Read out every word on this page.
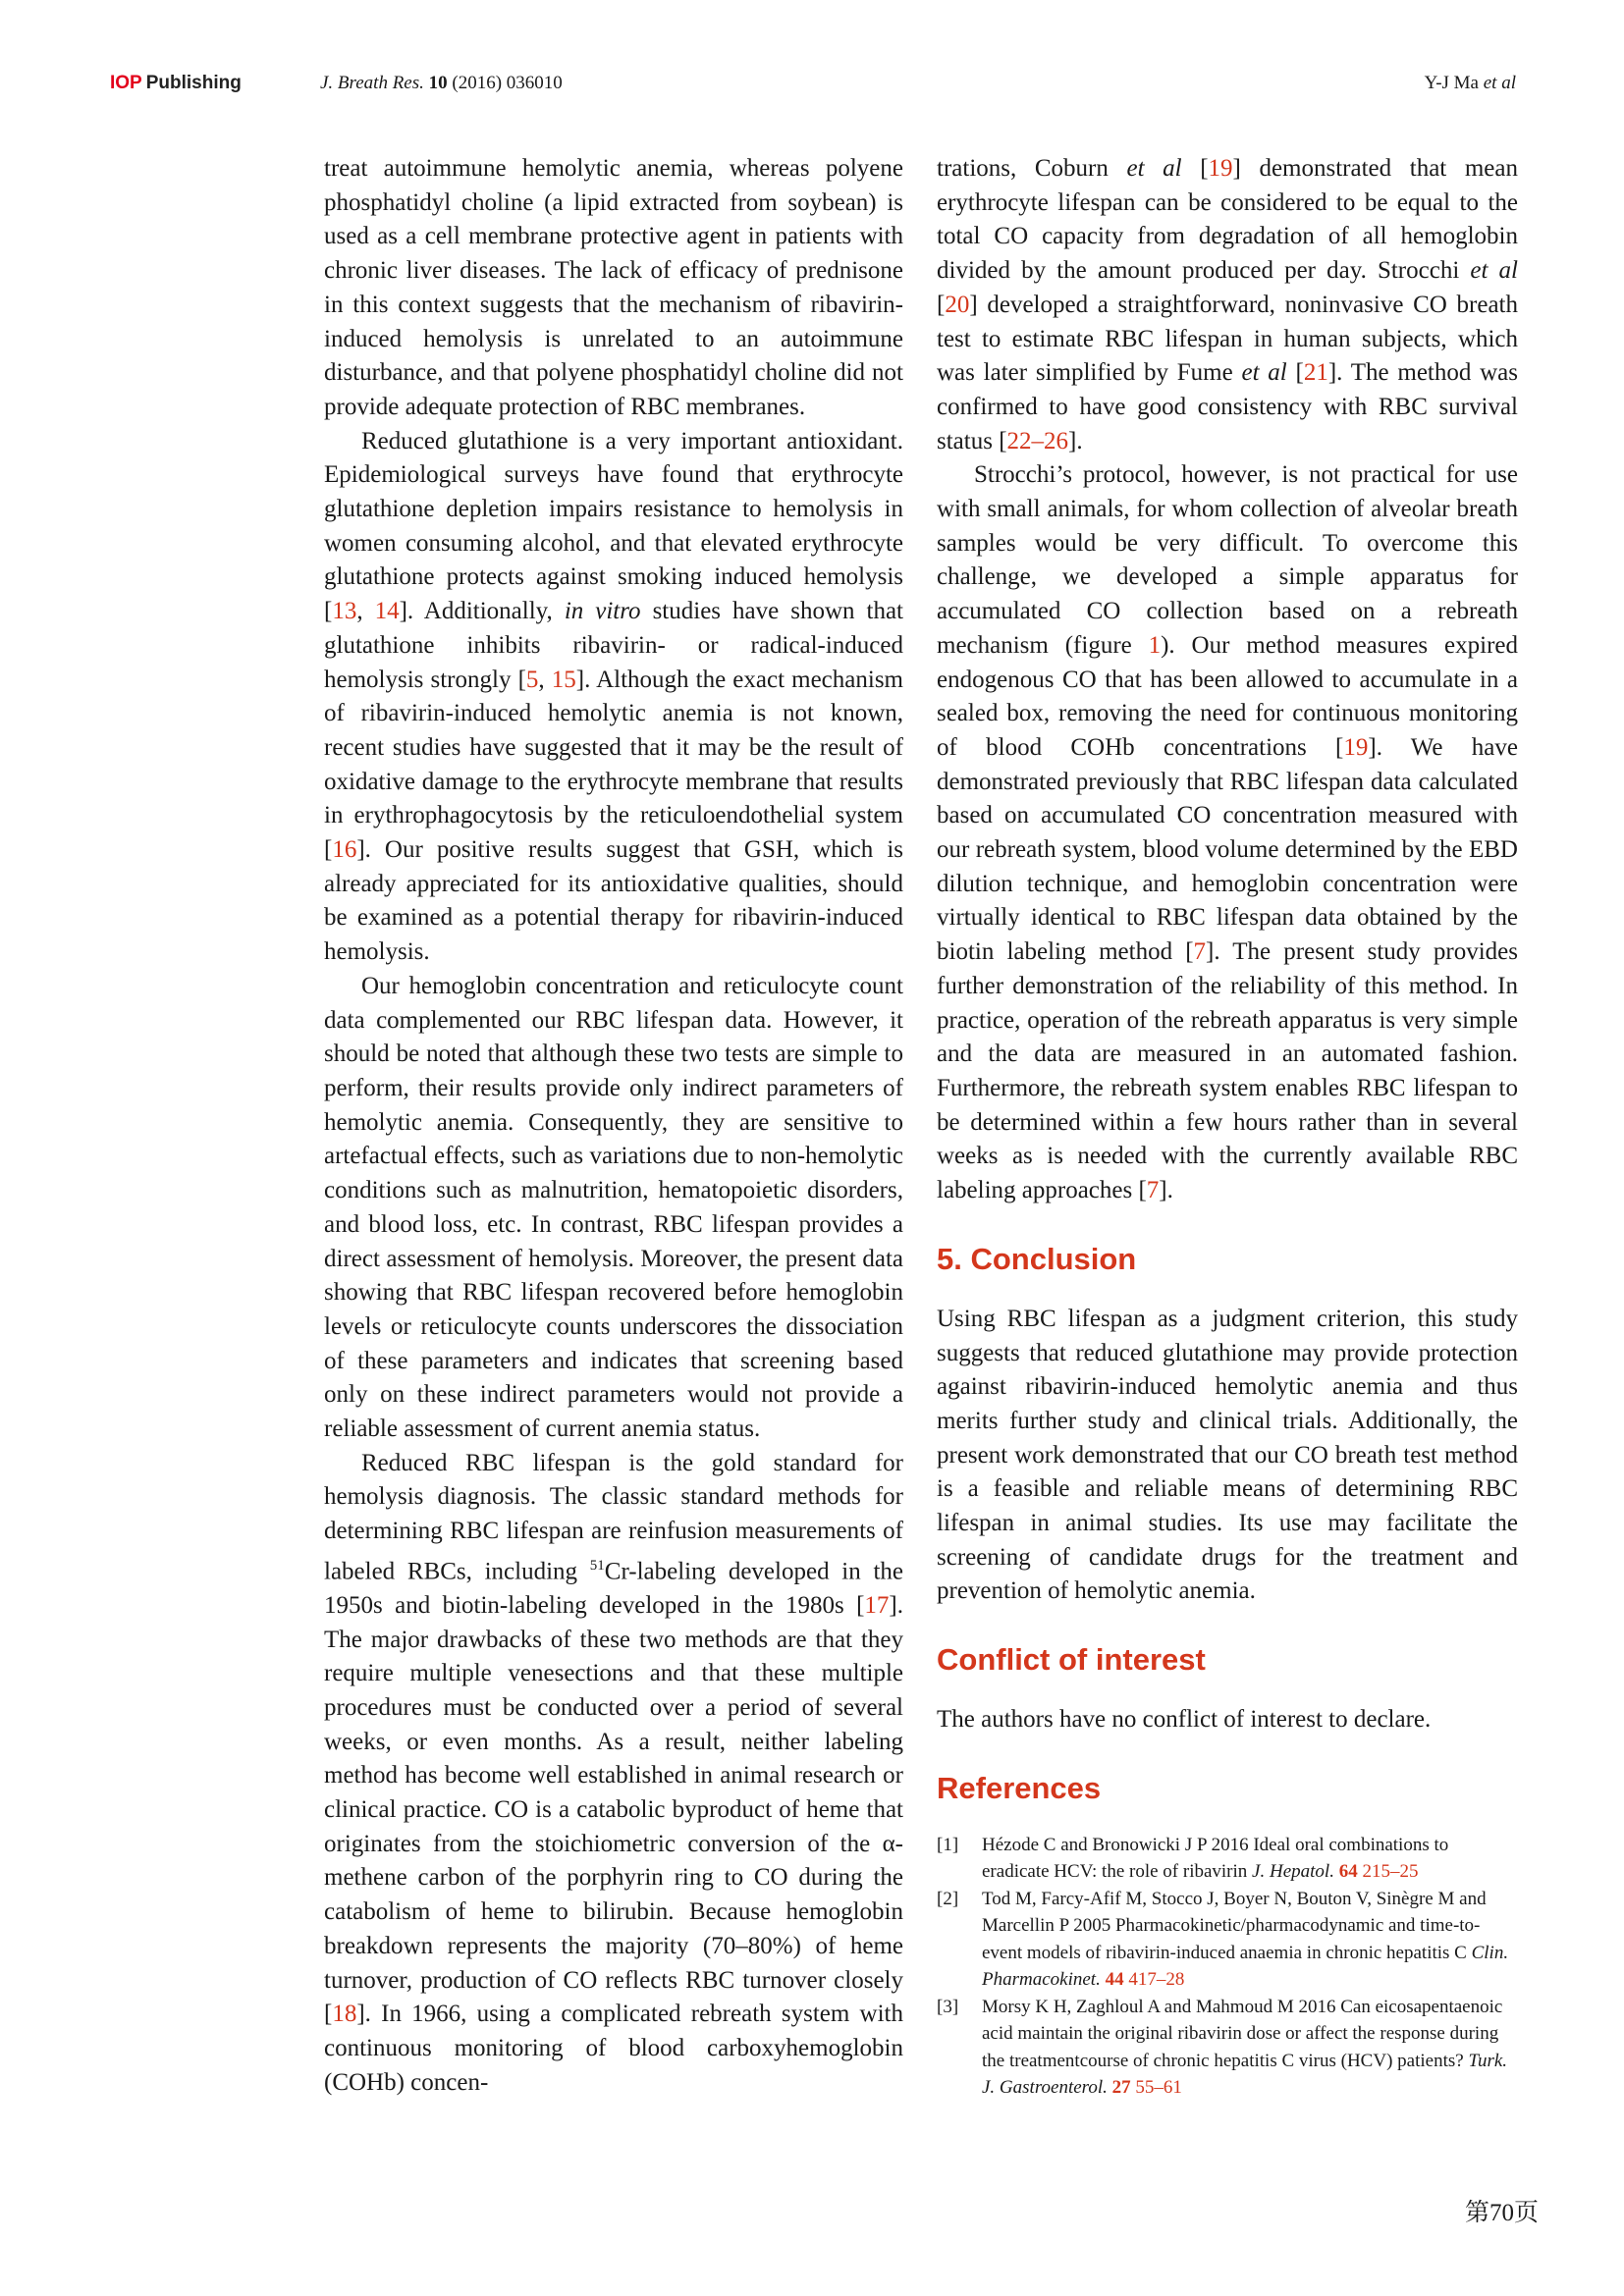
IOP Publishing	J. Breath Res. 10 (2016) 036010	Y-J Ma et al

treat autoimmune hemolytic anemia, whereas polyene phosphatidyl choline (a lipid extracted from soybean) is used as a cell membrane protective agent in patients with chronic liver diseases. The lack of efficacy of prednisone in this context suggests that the mechanism of ribavirin-induced hemolysis is unrelated to an autoimmune disturbance, and that polyene phosphatidyl choline did not provide adequate protection of RBC membranes.

Reduced glutathione is a very important antioxidant. Epidemiological surveys have found that erythrocyte glutathione depletion impairs resistance to hemolysis in women consuming alcohol, and that elevated erythrocyte glutathione protects against smoking induced hemolysis [13, 14]. Additionally, in vitro studies have shown that glutathione inhibits ribavirin- or radical-induced hemolysis strongly [5, 15]. Although the exact mechanism of ribavirin-induced hemolytic anemia is not known, recent studies have suggested that it may be the result of oxidative damage to the erythrocyte membrane that results in erythrophagocytosis by the reticuloendothelial system [16]. Our positive results suggest that GSH, which is already appreciated for its antioxidative qualities, should be examined as a potential therapy for ribavirin-induced hemolysis.

Our hemoglobin concentration and reticulocyte count data complemented our RBC lifespan data. However, it should be noted that although these two tests are simple to perform, their results provide only indirect parameters of hemolytic anemia. Consequently, they are sensitive to artefactual effects, such as variations due to non-hemolytic conditions such as malnutrition, hematopoietic disorders, and blood loss, etc. In contrast, RBC lifespan provides a direct assessment of hemolysis. Moreover, the present data showing that RBC lifespan recovered before hemoglobin levels or reticulocyte counts underscores the dissociation of these parameters and indicates that screening based only on these indirect parameters would not provide a reliable assessment of current anemia status.

Reduced RBC lifespan is the gold standard for hemolysis diagnosis. The classic standard methods for determining RBC lifespan are reinfusion measurements of labeled RBCs, including $^{51}$Cr-labeling developed in the 1950s and biotin-labeling developed in the 1980s [17]. The major drawbacks of these two methods are that they require multiple venesections and that these multiple procedures must be conducted over a period of several weeks, or even months. As a result, neither labeling method has become well established in animal research or clinical practice. CO is a catabolic byproduct of heme that originates from the stoichiometric conversion of the α-methene carbon of the porphyrin ring to CO during the catabolism of heme to bilirubin. Because hemoglobin breakdown represents the majority (70–80%) of heme turnover, production of CO reflects RBC turnover closely [18]. In 1966, using a complicated rebreath system with continuous monitoring of blood carboxyhemoglobin (COHb) concen-

trations, Coburn et al [19] demonstrated that mean erythrocyte lifespan can be considered to be equal to the total CO capacity from degradation of all hemoglobin divided by the amount produced per day. Strocchi et al [20] developed a straightforward, noninvasive CO breath test to estimate RBC lifespan in human subjects, which was later simplified by Fume et al [21]. The method was confirmed to have good consistency with RBC survival status [22–26].

Strocchi’s protocol, however, is not practical for use with small animals, for whom collection of alveolar breath samples would be very difficult. To overcome this challenge, we developed a simple apparatus for accumulated CO collection based on a rebreath mechanism (figure 1). Our method measures expired endogenous CO that has been allowed to accumulate in a sealed box, removing the need for continuous monitoring of blood COHb concentrations [19]. We have demonstrated previously that RBC lifespan data calculated based on accumulated CO concentration measured with our rebreath system, blood volume determined by the EBD dilution technique, and hemoglobin concentration were virtually identical to RBC lifespan data obtained by the biotin labeling method [7]. The present study provides further demonstration of the reliability of this method. In practice, operation of the rebreath apparatus is very simple and the data are measured in an automated fashion. Furthermore, the rebreath system enables RBC lifespan to be determined within a few hours rather than in several weeks as is needed with the currently available RBC labeling approaches [7].

5. Conclusion

Using RBC lifespan as a judgment criterion, this study suggests that reduced glutathione may provide protection against ribavirin-induced hemolytic anemia and thus merits further study and clinical trials. Additionally, the present work demonstrated that our CO breath test method is a feasible and reliable means of determining RBC lifespan in animal studies. Its use may facilitate the screening of candidate drugs for the treatment and prevention of hemolytic anemia.

Conflict of interest

The authors have no conflict of interest to declare.

References
[1]	Hézode C and Bronowicki J P 2016 Ideal oral combinations to eradicate HCV: the role of ribavirin J. Hepatol. 64 215–25
[2]	Tod M, Farcy-Afif M, Stocco J, Boyer N, Bouton V, Sinègre M and Marcellin P 2005 Pharmacokinetic/pharmacodynamic and time-to-event models of ribavirin-induced anaemia in chronic hepatitis C Clin. Pharmacokinet. 44 417–28
[3]	Morsy K H, Zaghloul A and Mahmoud M 2016 Can eicosapentaenoic acid maintain the original ribavirin dose or affect the response during the treatmentcourse of chronic hepatitis C virus (HCV) patients? Turk. J. Gastroenterol. 27 55–61
第70页
